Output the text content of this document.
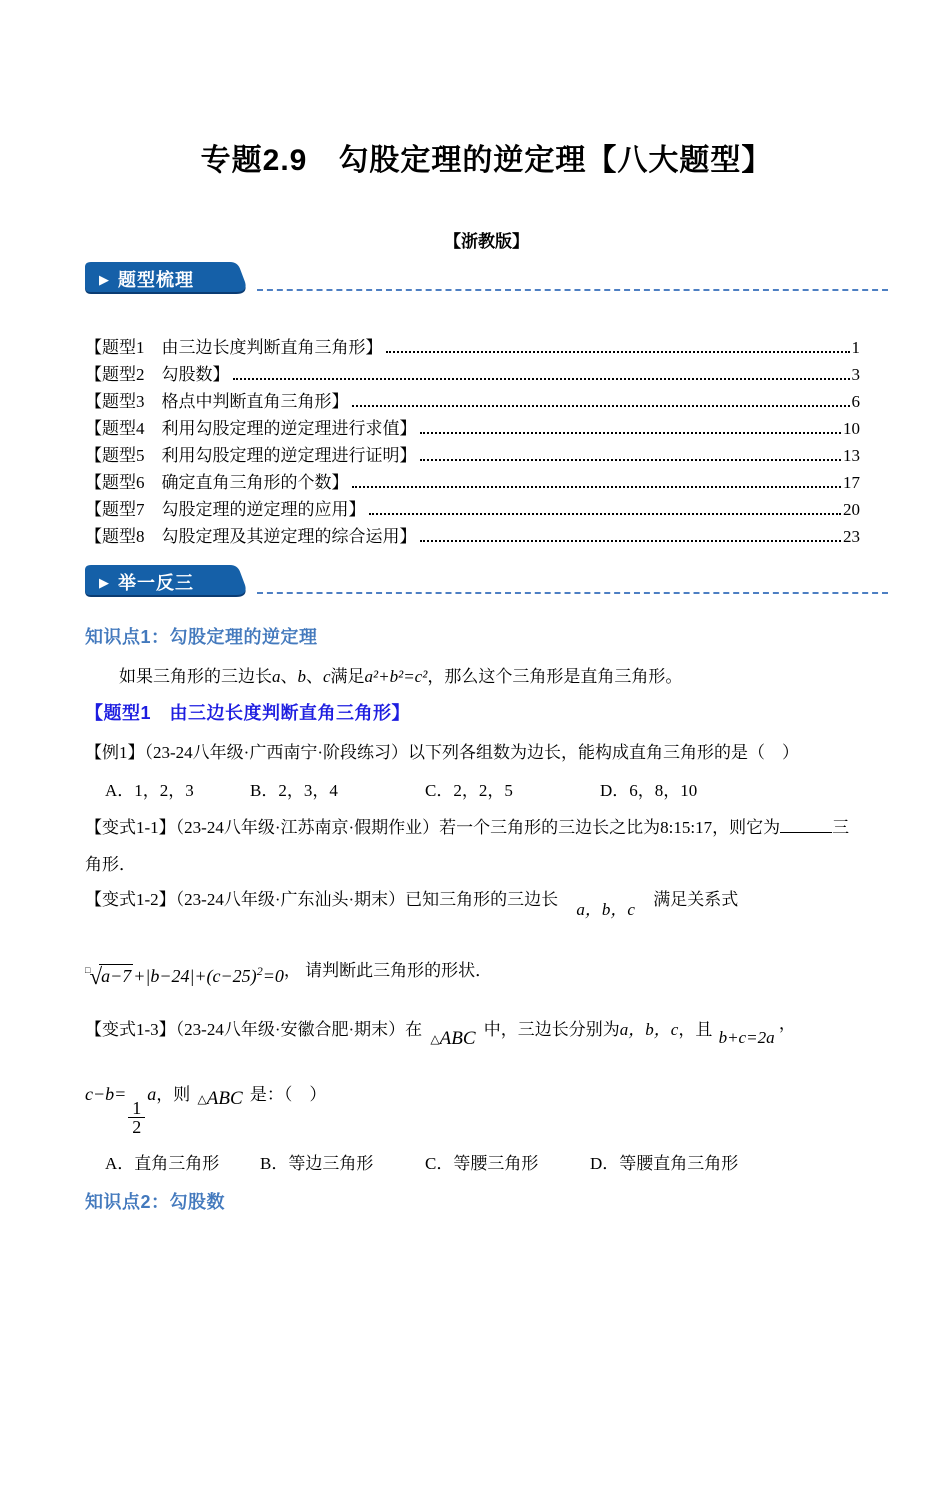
专题2.9　勾股定理的逆定理【八大题型】
【浙教版】
▶ 题型梳理
【题型1　由三边长度判断直角三角形】	1
【题型2　勾股数】	3
【题型3　格点中判断直角三角形】	6
【题型4　利用勾股定理的逆定理进行求值】	10
【题型5　利用勾股定理的逆定理进行证明】	13
【题型6　确定直角三角形的个数】	17
【题型7　勾股定理的逆定理的应用】	20
【题型8　勾股定理及其逆定理的综合运用】	23
▶ 举一反三
知识点1：勾股定理的逆定理
如果三角形的三边长a、b、c满足a²+b²=c²，那么这个三角形是直角三角形。
【题型1　由三边长度判断直角三角形】
【例1】（23-24八年级·广西南宁·阶段练习）以下列各组数为边长，能构成直角三角形的是（　）
A．1，2，3	B．2，3，4	C．2，2，5	D．6，8，10
【变式1-1】（23-24八年级·江苏南京·假期作业）若一个三角形的三边长之比为8:15:17，则它为	三
角形．
【变式1-2】（23-24八年级·广东汕头·期末）已知三角形的三边长 a，b，c 满足关系式
$^□√a-7 +|b-24|+(c-25)^2=0$， 请判断此三角形的形状．
【变式1-3】（23-24八年级·安徽合肥·期末）在 △ABC 中，三边长分别为a，b，c，且 b+c=2a ，
c−b=
$\frac{1}{2}$
a，则 △ABC 是：（　）
A．直角三角形	B．等边三角形	C．等腰三角形	D．等腰直角三角形
知识点2：勾股数
